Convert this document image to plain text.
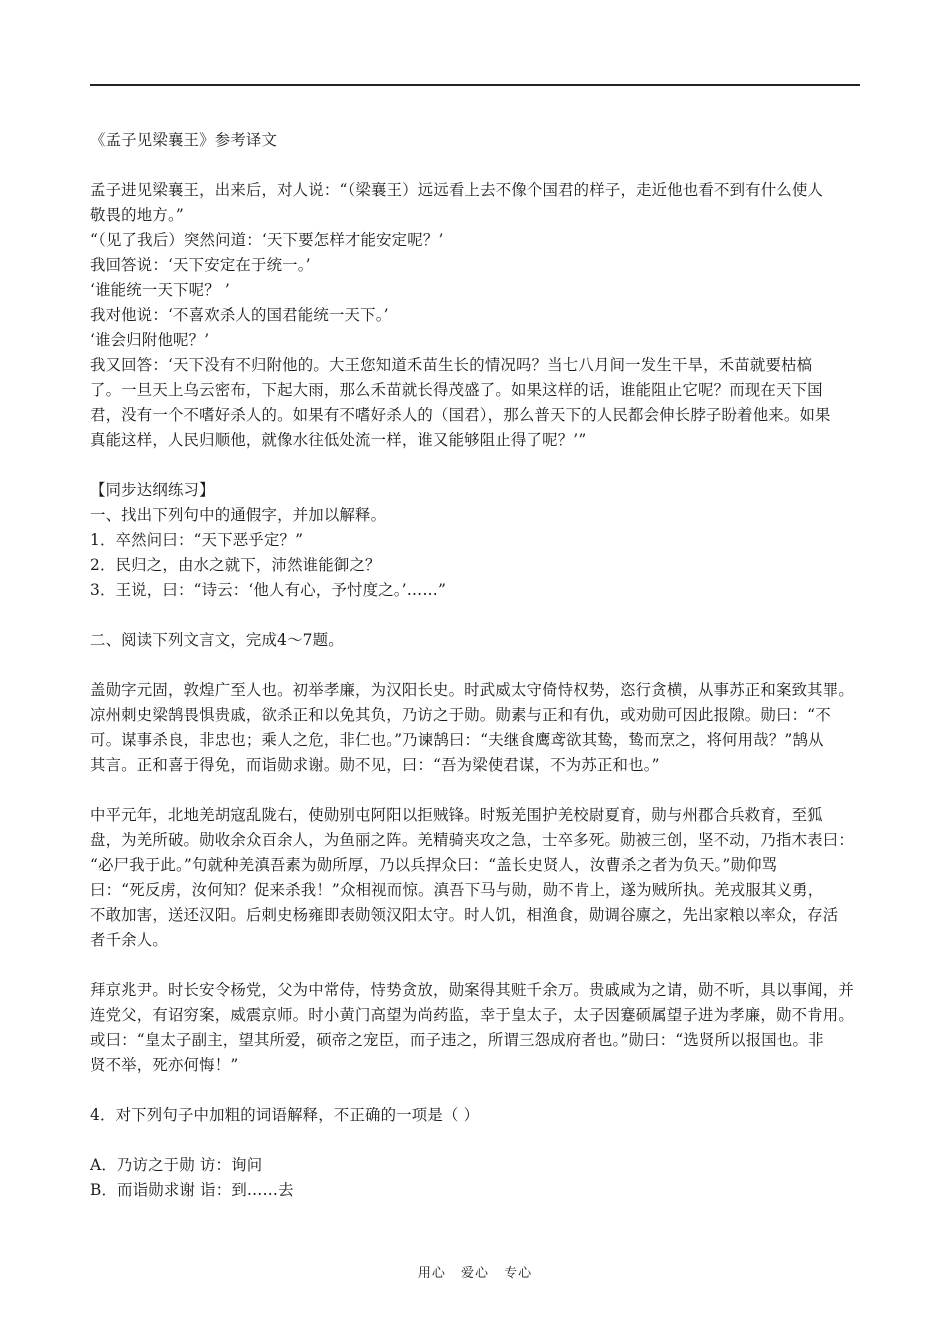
《孟子见梁襄王》参考译文
孟子进见梁襄王，出来后，对人说：“（梁襄王）远远看上去不像个国君的样子，走近他也看不到有什么使人
敬畏的地方。”
“（见了我后）突然问道：‘天下要怎样才能安定呢？’
我回答说：‘天下安定在于统一。’
‘谁能统一天下呢？ ’
我对他说：‘不喜欢杀人的国君能统一天下。’
‘谁会归附他呢？’
我又回答：‘天下没有不归附他的。大王您知道禾苗生长的情况吗？当七八月间一发生干旱，禾苗就要枯槁
了。一旦天上乌云密布，下起大雨，那么禾苗就长得茂盛了。如果这样的话，谁能阻止它呢？而现在天下国
君，没有一个不嗜好杀人的。如果有不嗜好杀人的（国君），那么普天下的人民都会伸长脖子盼着他来。如果
真能这样，人民归顺他，就像水往低处流一样，谁又能够阻止得了呢？’”
【同步达纲练习】
一、找出下列句中的通假字，并加以解释。
1．卒然问曰：“天下恶乎定？”
2．民归之，由水之就下，沛然谁能御之？
3．王说，曰：“诗云：‘他人有心，予忖度之。’……”
二、阅读下列文言文，完成4～7题。
盖勋字元固，敦煌广至人也。初举孝廉，为汉阳长史。时武威太守倚恃权势，恣行贪横，从事苏正和案致其罪。
凉州刺史梁鹄畏惧贵戚，欲杀正和以免其负，乃访之于勋。勋素与正和有仇，或劝勋可因此报隙。勋曰：“不
可。谋事杀良，非忠也；乘人之危，非仁也。”乃谏鹄曰：“夫继食鹰鸢欲其鸷，鸷而烹之，将何用哉？”鹄从
其言。正和喜于得免，而诣勋求谢。勋不见，曰：“吾为梁使君谋，不为苏正和也。”
中平元年，北地羌胡寇乱陇右，使勋别屯阿阳以拒贼锋。时叛羌围护羌校尉夏育，勋与州郡合兵救育，至狐
盘，为羌所破。勋收余众百余人，为鱼丽之阵。羌精骑夹攻之急，士卒多死。勋被三创，坚不动，乃指木表曰：
“必尸我于此。”句就种羌滇吾素为勋所厚，乃以兵捍众曰：“盖长史贤人，汝曹杀之者为负天。”勋仰骂
曰：“死反虏，汝何知？促来杀我！”众相视而惊。滇吾下马与勋，勋不肯上，遂为贼所执。羌戎服其义勇，
不敢加害，送还汉阳。后刺史杨雍即表勋领汉阳太守。时人饥，相渔食，勋调谷廪之，先出家粮以率众，存活
者千余人。
拜京兆尹。时长安令杨党，父为中常侍，恃势贪放，勋案得其赃千余万。贵戚咸为之请，勋不听，具以事闻，并
连党父，有诏穷案，威震京师。时小黄门高望为尚药监，幸于皇太子，太子因蹇硕属望子进为孝廉，勋不肯用。
或曰：“皇太子副主，望其所爱，硕帝之宠臣，而子违之，所谓三怨成府者也。”勋曰：“选贤所以报国也。非
贤不举，死亦何悔！”
4．对下列句子中加粗的词语解释，不正确的一项是（ ）
A．乃访之于勋 访：询问
B．而诣勋求谢 诣：到……去
用心 爱心 专心
